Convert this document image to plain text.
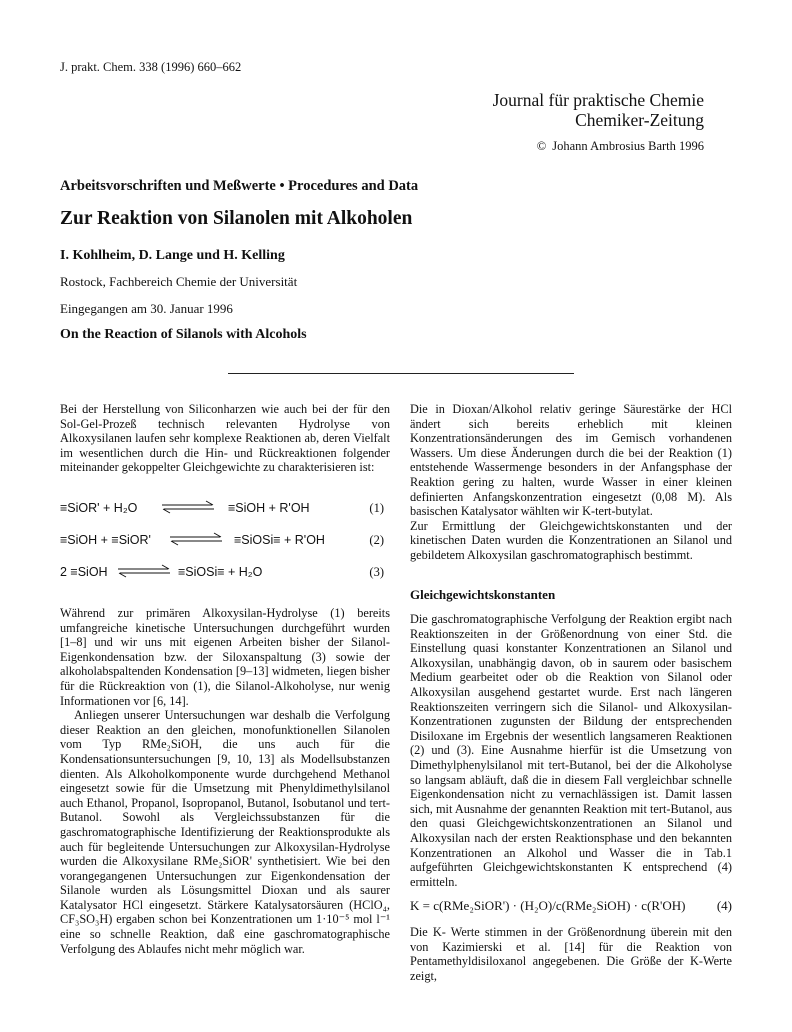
J. prakt. Chem. 338 (1996) 660–662
Journal für praktische Chemie
Chemiker-Zeitung
© Johann Ambrosius Barth 1996
Arbeitsvorschriften und Meßwerte • Procedures and Data
Zur Reaktion von Silanolen mit Alkoholen
I. Kohlheim, D. Lange und H. Kelling
Rostock, Fachbereich Chemie der Universität
Eingegangen am 30. Januar 1996
On the Reaction of Silanols with Alcohols

Bei der Herstellung von Siliconharzen wie auch bei der für den Sol-Gel-Prozeß technisch relevanten Hydrolyse von Alkoxysilanen laufen sehr komplexe Reaktionen ab, deren Vielfalt im wesentlichen durch die Hin- und Rückreaktionen folgender miteinander gekoppelter Gleichgewichte zu charakterisieren ist:

≡SiOR' + H₂O	≡SiOH + R'OH	(1)
≡SiOH + ≡SiOR'	≡SiOSi≡ + R'OH	(2)
2 ≡SiOH	≡SiOSi≡ + H₂O	(3)

Während zur primären Alkoxysilan-Hydrolyse (1) bereits umfangreiche kinetische Untersuchungen durchgeführt wurden [1–8] und wir uns mit eigenen Arbeiten bisher der Silanol-Eigenkondensation bzw. der Siloxanspaltung (3) sowie der alkoholabspaltenden Kondensation [9–13] widmeten, liegen bisher für die Rückreaktion von (1), die Silanol-Alkoholyse, nur wenig Informationen vor [6, 14].

Anliegen unserer Untersuchungen war deshalb die Verfolgung dieser Reaktion an den gleichen, monofunktionellen Silanolen vom Typ RMe₂SiOH, die uns auch für die Kondensationsuntersuchungen [9, 10, 13] als Modellsubstanzen dienten. Als Alkoholkomponente wurde durchgehend Methanol eingesetzt sowie für die Umsetzung mit Phenyldimethylsilanol auch Ethanol, Propanol, Isopropanol, Butanol, Isobutanol und tert-Butanol. Sowohl als Vergleichssubstanzen für die gaschromatographische Identifizierung der Reaktionsprodukte als auch für begleitende Untersuchungen zur Alkoxysilan-Hydrolyse wurden die Alkoxysilane RMe₂SiOR' synthetisiert. Wie bei den vorangegangenen Untersuchungen zur Eigenkondensation der Silanole wurden als Lösungsmittel Dioxan und als saurer Katalysator HCl eingesetzt. Stärkere Katalysatorsäuren (HClO₄, CF₃SO₃H) ergaben schon bei Konzentrationen um 1·10⁻⁵ mol l⁻¹ eine so schnelle Reaktion, daß eine gaschromatographische Verfolgung des Ablaufes nicht mehr möglich war.

Die in Dioxan/Alkohol relativ geringe Säurestärke der HCl ändert sich bereits erheblich mit kleinen Konzentrationsänderungen des im Gemisch vorhandenen Wassers. Um diese Änderungen durch die bei der Reaktion (1) entstehende Wassermenge besonders in der Anfangsphase der Reaktion gering zu halten, wurde Wasser in einer kleinen definierten Anfangskonzentration eingesetzt (0,08 M). Als basischen Katalysator wählten wir K-tert-butylat.

Zur Ermittlung der Gleichgewichtskonstanten und der kinetischen Daten wurden die Konzentrationen an Silanol und gebildetem Alkoxysilan gaschromatographisch bestimmt.

Gleichgewichtskonstanten

Die gaschromatographische Verfolgung der Reaktion ergibt nach Reaktionszeiten in der Größenordnung von einer Std. die Einstellung quasi konstanter Konzentrationen an Silanol und Alkoxysilan, unabhängig davon, ob in saurem oder basischem Medium gearbeitet oder ob die Reaktion von Silanol oder Alkoxysilan ausgehend gestartet wurde. Erst nach längeren Reaktionszeiten verringern sich die Silanol- und Alkoxysilan-Konzentrationen zugunsten der Bildung der entsprechenden Disiloxane im Ergebnis der wesentlich langsameren Reaktionen (2) und (3). Eine Ausnahme hierfür ist die Umsetzung von Dimethylphenylsilanol mit tert-Butanol, bei der die Alkoholyse so langsam abläuft, daß die in diesem Fall vergleichbar schnelle Eigenkondensation nicht zu vernachlässigen ist. Damit lassen sich, mit Ausnahme der genannten Reaktion mit tert-Butanol, aus den quasi Gleichgewichtskonzentrationen an Silanol und Alkoxysilan nach der ersten Reaktionsphase und den bekannten Konzentrationen an Alkohol und Wasser die in Tab.1 aufgeführten Gleichgewichtskonstanten K entsprechend (4) ermitteln.

K = c(RMe₂SiOR') · (H₂O)/c(RMe₂SiOH) · c(R'OH) (4)

Die K- Werte stimmen in der Größenordnung überein mit den von Kazimierski et al. [14] für die Reaktion von Pentamethyldisiloxanol angegebenen. Die Größe der K-Werte zeigt,
